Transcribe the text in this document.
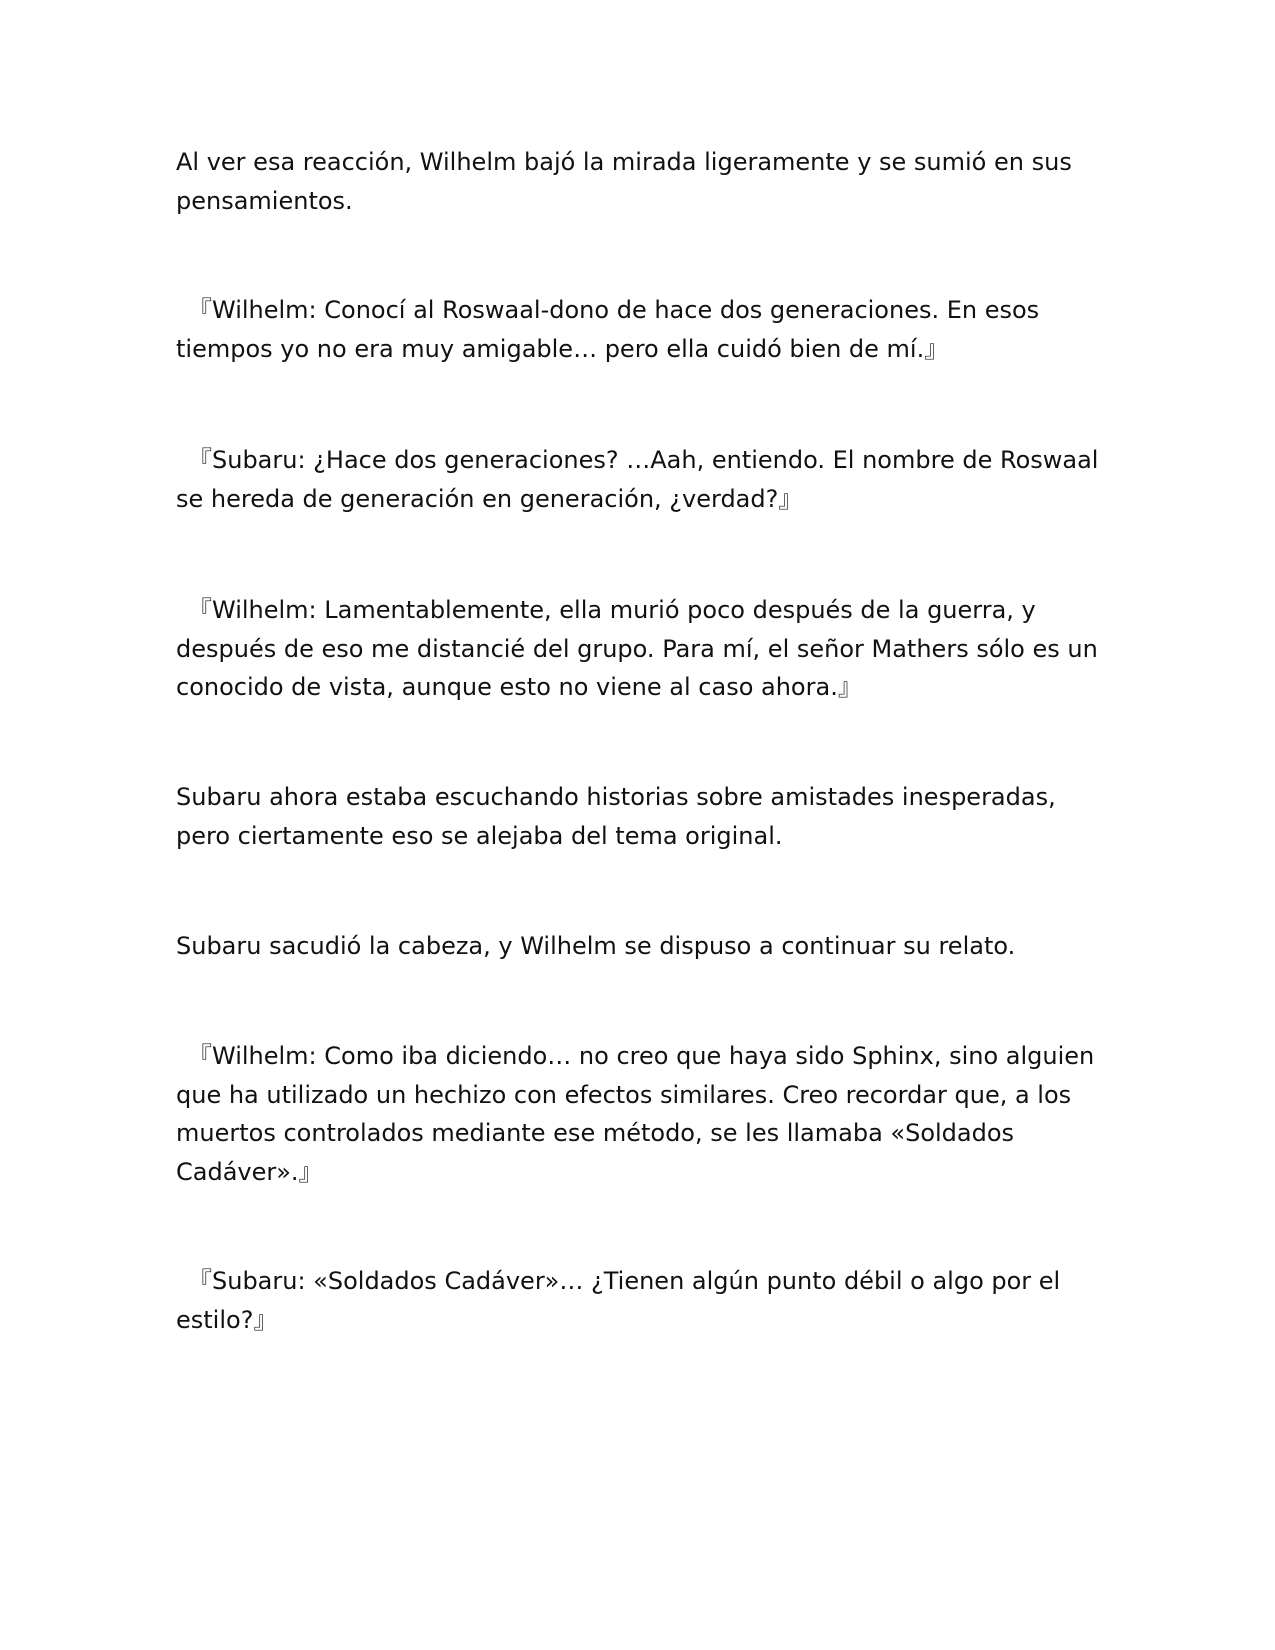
Al ver esa reacción, Wilhelm bajó la mirada ligeramente y se sumió en sus pensamientos.

『Wilhelm: Conocí al Roswaal-dono de hace dos generaciones. En esos tiempos yo no era muy amigable… pero ella cuidó bien de mí.』

『Subaru: ¿Hace dos generaciones? …Aah, entiendo. El nombre de Roswaal se hereda de generación en generación, ¿verdad?』

『Wilhelm: Lamentablemente, ella murió poco después de la guerra, y después de eso me distancié del grupo. Para mí, el señor Mathers sólo es un conocido de vista, aunque esto no viene al caso ahora.』

Subaru ahora estaba escuchando historias sobre amistades inesperadas, pero ciertamente eso se alejaba del tema original.

Subaru sacudió la cabeza, y Wilhelm se dispuso a continuar su relato.

『Wilhelm: Como iba diciendo… no creo que haya sido Sphinx, sino alguien que ha utilizado un hechizo con efectos similares. Creo recordar que, a los muertos controlados mediante ese método, se les llamaba «Soldados Cadáver».』

『Subaru: «Soldados Cadáver»… ¿Tienen algún punto débil o algo por el estilo?』
